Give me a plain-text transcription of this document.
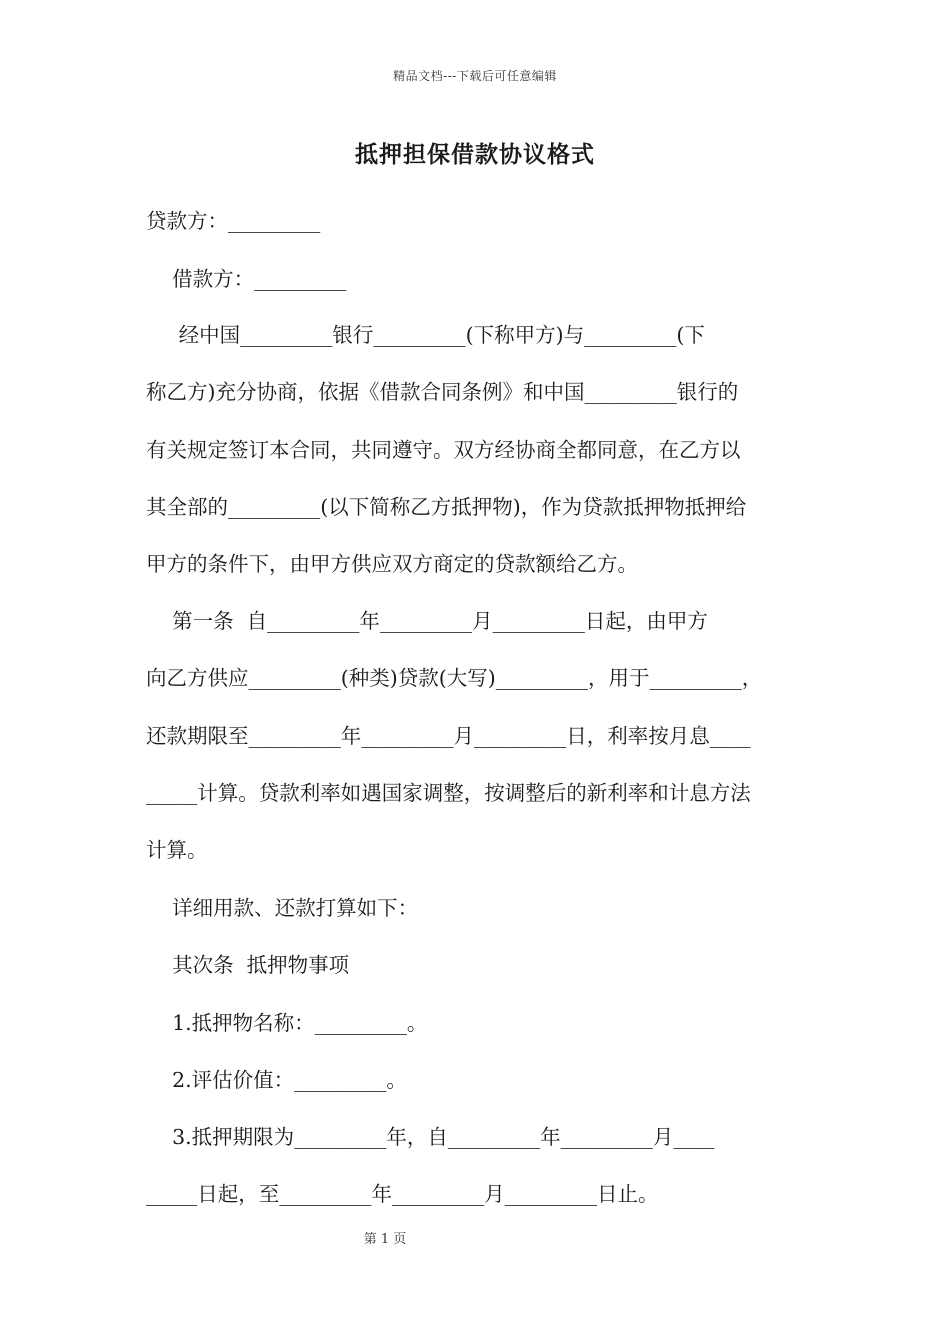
精品文档---下载后可任意编辑
抵押担保借款协议格式
贷款方：_________
借款方：_________
经中国_________银行_________(下称甲方)与_________(下
称乙方)充分协商，依据《借款合同条例》和中国_________银行的
有关规定签订本合同，共同遵守。双方经协商全都同意，在乙方以
其全部的_________(以下简称乙方抵押物)，作为贷款抵押物抵押给
甲方的条件下，由甲方供应双方商定的贷款额给乙方。
第一条  自_________年_________月_________日起，由甲方
向乙方供应_________(种类)贷款(大写)_________，用于_________，
还款期限至_________年_________月_________日，利率按月息____
_____计算。贷款利率如遇国家调整，按调整后的新利率和计息方法
计算。
详细用款、还款打算如下：
其次条  抵押物事项
1.抵押物名称：_________。
2.评估价值：_________。
3.抵押期限为_________年，自_________年_________月____
_____日起，至_________年_________月_________日止。
第 1 页
